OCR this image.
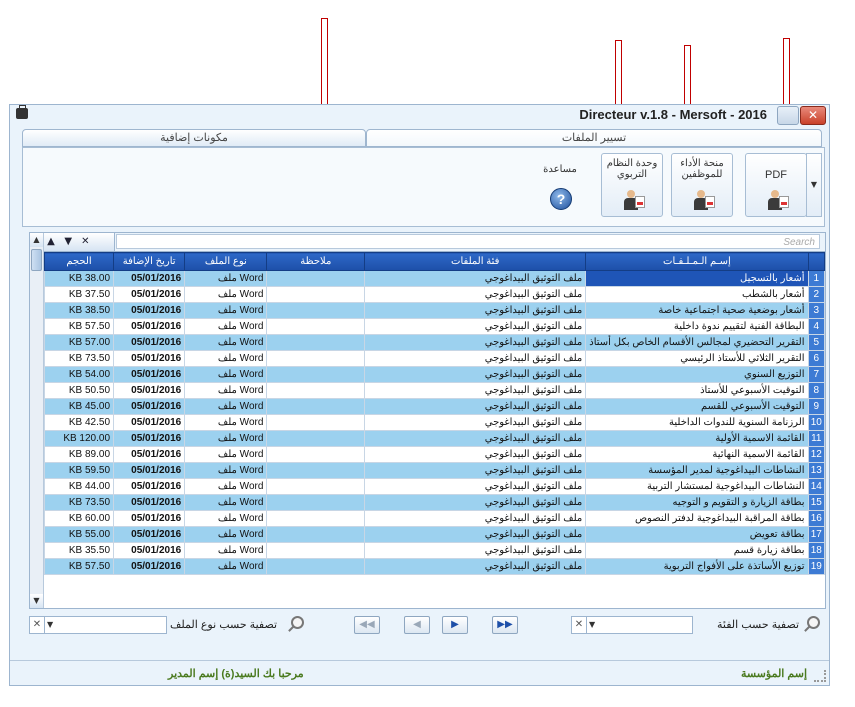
Directeur v.1.8 - Mersoft - 2016	✕
تسيير الملفات
مكونات إضافية
PDF
منحة الأداء للموظفين
وحدة النظام التربوي
مساعدة
?
▼
▲ ▼ ✕	Search
▲
▼
الحجم	تاريخ الإضافة	نوع الملف	ملاحظة	فئة الملفات	إسـم الـمـلـفـات	
KB 38.00	05/01/2016	ملف Word		ملف التوثيق البيداغوجي	أشعار بالتسجيل	1
KB 37.50	05/01/2016	ملف Word		ملف التوثيق البيداغوجي	أشعار بالشطب	2
KB 38.50	05/01/2016	ملف Word		ملف التوثيق البيداغوجي	أشعار بوضعية صحية اجتماعية خاصة	3
KB 57.50	05/01/2016	ملف Word		ملف التوثيق البيداغوجي	البطاقة الفنية لتقييم ندوة داخلية	4
KB 57.00	05/01/2016	ملف Word		ملف التوثيق البيداغوجي	التقرير التحضيري لمجالس الأقسام الخاص بكل أستاذ	5
KB 73.50	05/01/2016	ملف Word		ملف التوثيق البيداغوجي	التقرير الثلاثي للأستاذ الرئيسي	6
KB 54.00	05/01/2016	ملف Word		ملف التوثيق البيداغوجي	التوزيع السنوي	7
KB 50.50	05/01/2016	ملف Word		ملف التوثيق البيداغوجي	التوقيت الأسبوعي للأستاذ	8
KB 45.00	05/01/2016	ملف Word		ملف التوثيق البيداغوجي	التوقيت الأسبوعي للقسم	9
KB 42.50	05/01/2016	ملف Word		ملف التوثيق البيداغوجي	الرزنامة السنوية للندوات الداخلية	10
KB 120.00	05/01/2016	ملف Word		ملف التوثيق البيداغوجي	القائمة الاسمية الأولية	11
KB 89.00	05/01/2016	ملف Word		ملف التوثيق البيداغوجي	القائمة الاسمية النهائية	12
KB 59.50	05/01/2016	ملف Word		ملف التوثيق البيداغوجي	النشاطات البيداغوجية لمدير المؤسسة	13
KB 44.00	05/01/2016	ملف Word		ملف التوثيق البيداغوجي	النشاطات البيداغوجية لمستشار التربية	14
KB 73.50	05/01/2016	ملف Word		ملف التوثيق البيداغوجي	بطاقة الزيارة و التقويم و التوجيه	15
KB 60.00	05/01/2016	ملف Word		ملف التوثيق البيداغوجي	بطاقة المراقبة البيداغوجية لدفتر النصوص	16
KB 55.00	05/01/2016	ملف Word		ملف التوثيق البيداغوجي	بطاقة تعويض	17
KB 35.50	05/01/2016	ملف Word		ملف التوثيق البيداغوجي	بطاقة زيارة قسم	18
KB 57.50	05/01/2016	ملف Word		ملف التوثيق البيداغوجي	توزيع الأساتذة على الأفواج التربوية	19
✕ ▼	تصفية حسب نوع الملف	◀◀	◀	▶	▶▶	✕ ▼	تصفية حسب الفئة
مرحبا بك السيد(ة) إسم المدير	إسم المؤسسة
